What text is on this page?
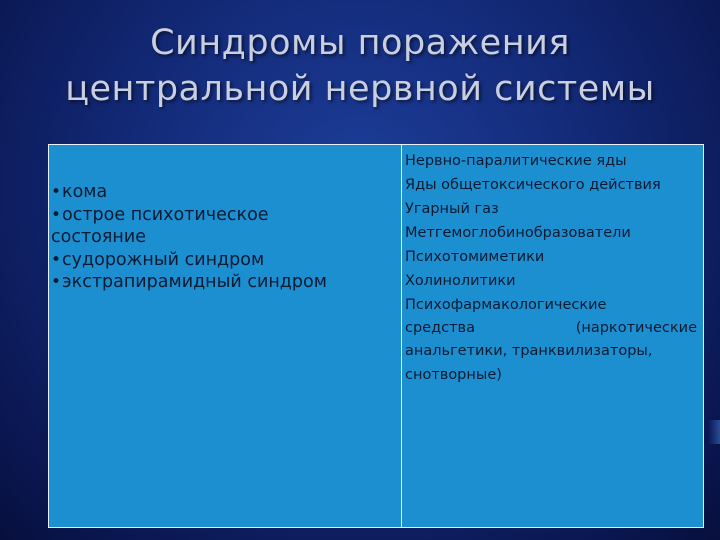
Синдромы поражения
центральной нервной системы
•кома
•острое психотическое
состояние
•судорожный синдром
•экстрапирамидный синдром
Нервно-паралитические яды
Яды общетоксического действия
Угарный газ
Метгемоглобинобразователи
Психотомиметики
Холинолитики
Психофармакологические
средства (наркотические анальгетики, транквилизаторы,
снотворные)
